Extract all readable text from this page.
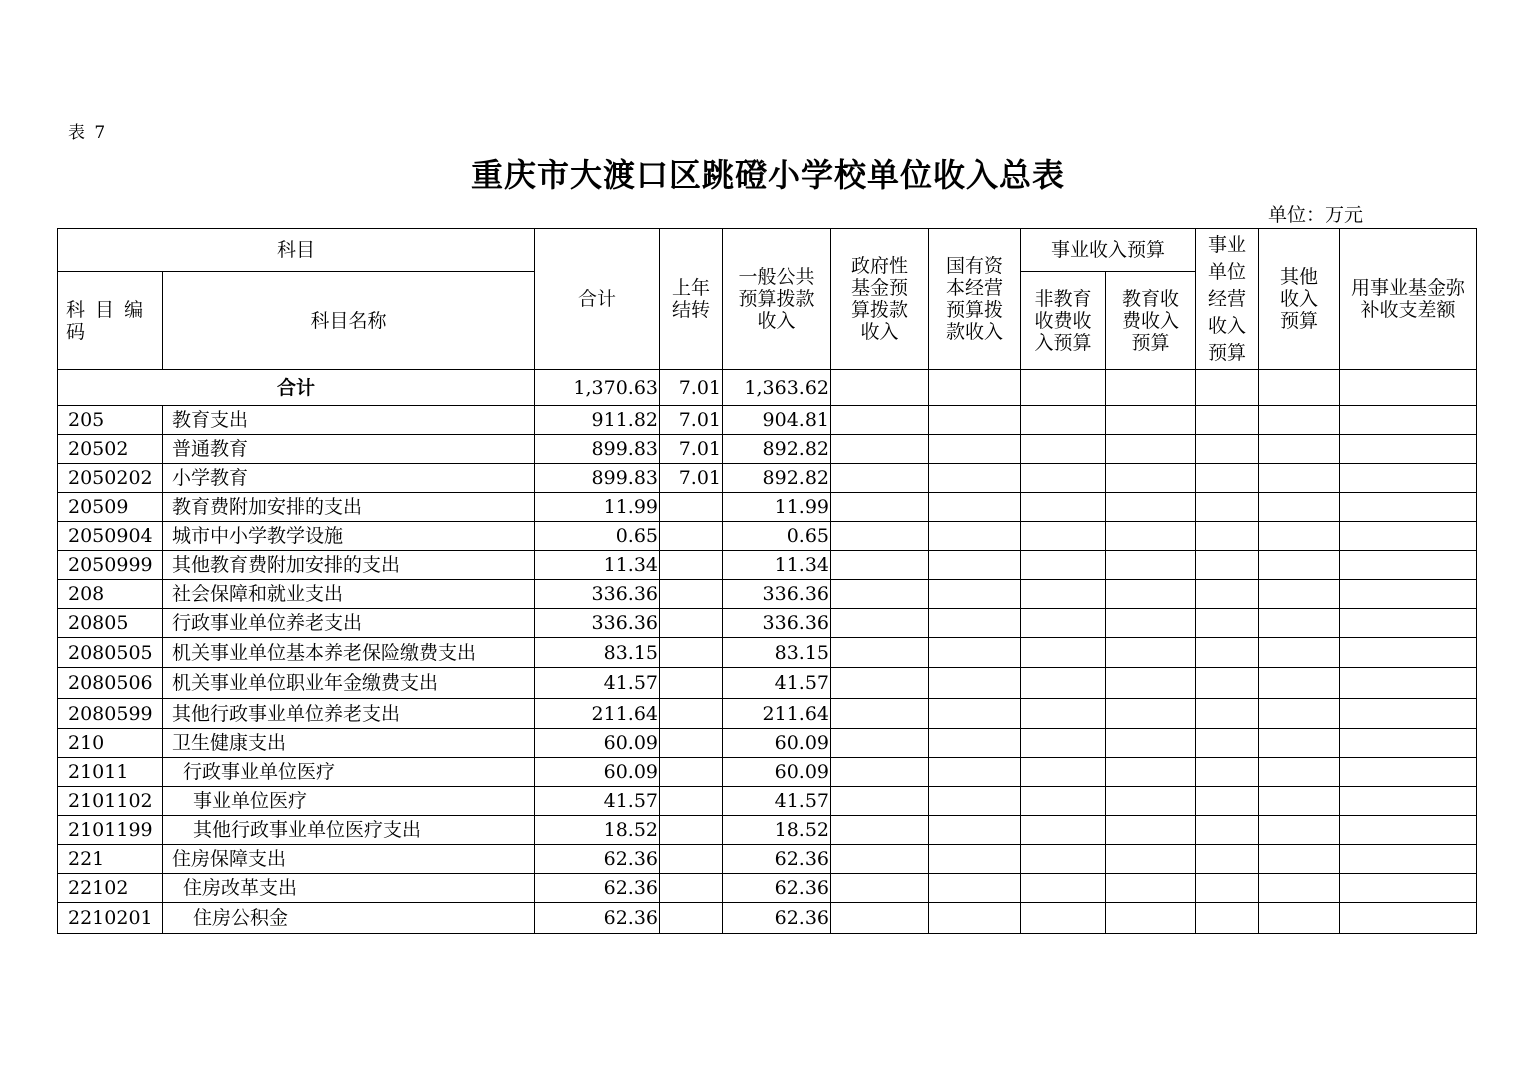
表 7
重庆市大渡口区跳磴小学校单位收入总表
单位：万元
科目		合计	上年结转	一般公共预算拨款收入	政府性基金预算拨款收入	国有资本经营预算拨款收入	事业收入预算		事业单位经营收入预算	其他收入预算	用事业基金弥补收支差额
科 目 编 码	科目名称						非教育收费收入预算	教育收费收入预算			
合计		1,370.63	7.01	1,363.62							
205	教育支出	911.82	7.01	904.81							
20502	普通教育	899.83	7.01	892.82							
2050202	小学教育	899.83	7.01	892.82							
20509	教育费附加安排的支出	11.99		11.99							
2050904	城市中小学教学设施	0.65		0.65							
2050999	其他教育费附加安排的支出	11.34		11.34							
208	社会保障和就业支出	336.36		336.36							
20805	行政事业单位养老支出	336.36		336.36							
2080505	机关事业单位基本养老保险缴费支出	83.15		83.15							
2080506	机关事业单位职业年金缴费支出	41.57		41.57							
2080599	其他行政事业单位养老支出	211.64		211.64							
210	卫生健康支出	60.09		60.09							
21011	行政事业单位医疗	60.09		60.09							
2101102	事业单位医疗	41.57		41.57							
2101199	其他行政事业单位医疗支出	18.52		18.52							
221	住房保障支出	62.36		62.36							
22102	住房改革支出	62.36		62.36							
2210201	住房公积金	62.36		62.36							
